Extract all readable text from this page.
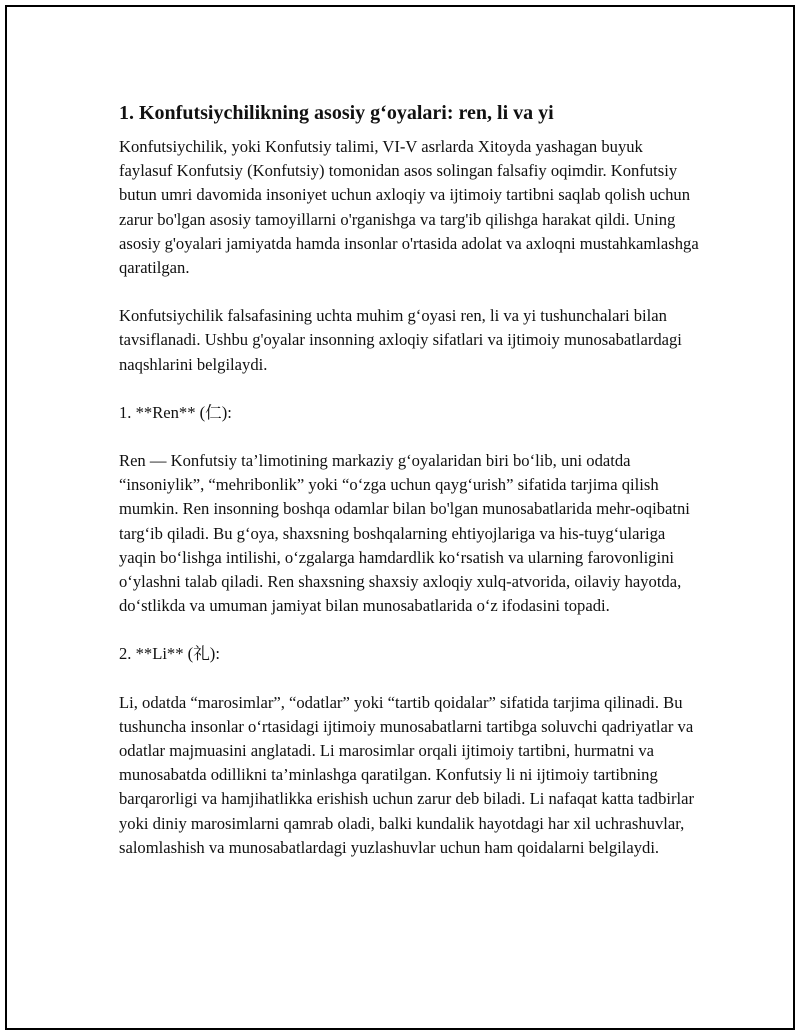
1. Konfutsiychilikning asosiy g‘oyalari: ren, li va yi

Konfutsiychilik, yoki Konfutsiy talimi, VI-V asrlarda Xitoyda yashagan buyuk faylasuf Konfutsiy (Konfutsiy) tomonidan asos solingan falsafiy oqimdir. Konfutsiy butun umri davomida insoniyet uchun axloqiy va ijtimoiy tartibni saqlab qolish uchun zarur bo'lgan asosiy tamoyillarni o'rganishga va targ'ib qilishga harakat qildi. Uning asosiy g'oyalari jamiyatda hamda insonlar o'rtasida adolat va axloqni mustahkamlashga qaratilgan.

Konfutsiychilik falsafasining uchta muhim g‘oyasi ren, li va yi tushunchalari bilan tavsiflanadi. Ushbu g'oyalar insonning axloqiy sifatlari va ijtimoiy munosabatlardagi naqshlarini belgilaydi.

1. **Ren** (仁):

Ren — Konfutsiy ta’limotining markaziy g‘oyalaridan biri bo‘lib, uni odatda “insoniylik”, “mehribonlik” yoki “o‘zga uchun qayg‘urish” sifatida tarjima qilish mumkin. Ren insonning boshqa odamlar bilan bo'lgan munosabatlarida mehr-oqibatni targ‘ib qiladi. Bu g‘oya, shaxsning boshqalarning ehtiyojlariga va his-tuyg‘ulariga yaqin bo‘lishga intilishi, o‘zgalarga hamdardlik ko‘rsatish va ularning farovonligini o‘ylashni talab qiladi. Ren shaxsning shaxsiy axloqiy xulq-atvorida, oilaviy hayotda, do‘stlikda va umuman jamiyat bilan munosabatlarida o‘z ifodasini topadi.

2. **Li** (礼):

Li, odatda “marosimlar”, “odatlar” yoki “tartib qoidalar” sifatida tarjima qilinadi. Bu tushuncha insonlar o‘rtasidagi ijtimoiy munosabatlarni tartibga soluvchi qadriyatlar va odatlar majmuasini anglatadi. Li marosimlar orqali ijtimoiy tartibni, hurmatni va munosabatda odillikni ta’minlashga qaratilgan. Konfutsiy li ni ijtimoiy tartibning barqarorligi va hamjihatlikka erishish uchun zarur deb biladi. Li nafaqat katta tadbirlar yoki diniy marosimlarni qamrab oladi, balki kundalik hayotdagi har xil uchrashuvlar, salomlashish va munosabatlardagi yuzlashuvlar uchun ham qoidalarni belgilaydi.
